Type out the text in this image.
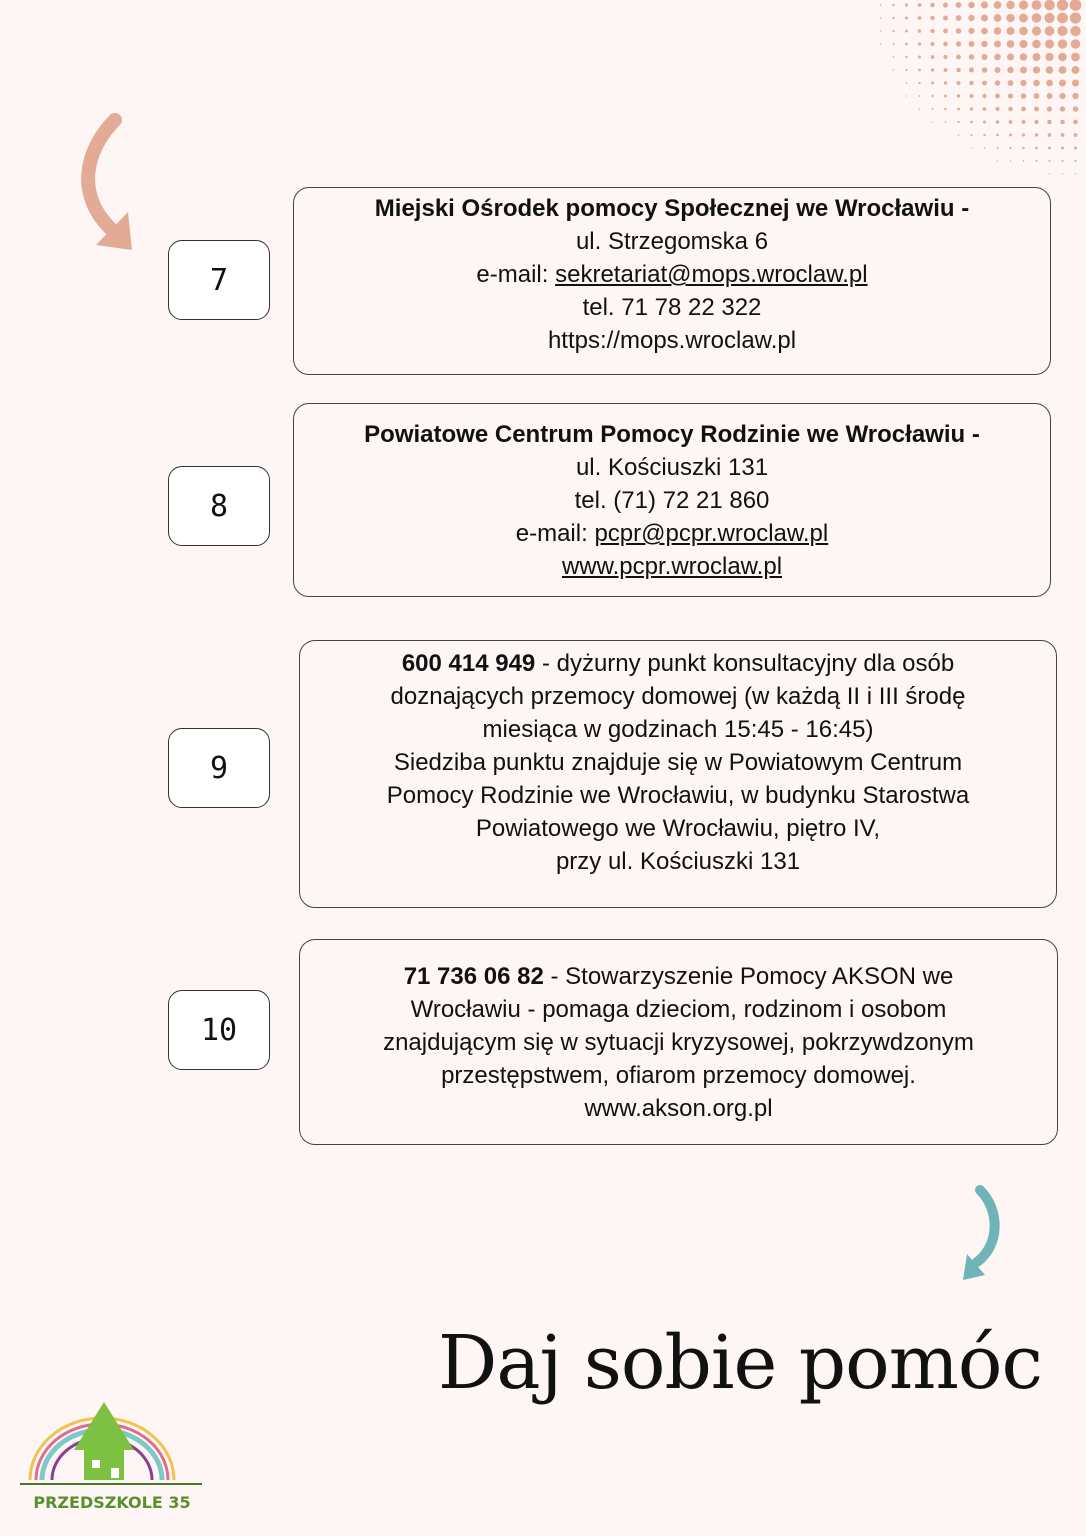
7
Miejski Ośrodek pomocy Społecznej we Wrocławiu -
ul. Strzegomska 6
e-mail: sekretariat@mops.wroclaw.pl
tel. 71 78 22 322
https://mops.wroclaw.pl
8
Powiatowe Centrum Pomocy Rodzinie we Wrocławiu -
ul. Kościuszki 131
tel. (71) 72 21 860
e-mail: pcpr@pcpr.wroclaw.pl
www.pcpr.wroclaw.pl
9
600 414 949 - dyżurny punkt konsultacyjny dla osób
doznających przemocy domowej (w każdą II i III środę
miesiąca w godzinach 15:45 - 16:45)
Siedziba punktu znajduje się w Powiatowym Centrum
Pomocy Rodzinie we Wrocławiu, w budynku Starostwa
Powiatowego we Wrocławiu, piętro IV,
przy ul. Kościuszki 131
10
71 736 06 82 - Stowarzyszenie Pomocy AKSON we
Wrocławiu - pomaga dzieciom, rodzinom i osobom
znajdującym się w sytuacji kryzysowej, pokrzywdzonym
przestępstwem, ofiarom przemocy domowej.
www.akson.org.pl
Daj sobie pomóc
PRZEDSZKOLE 35
